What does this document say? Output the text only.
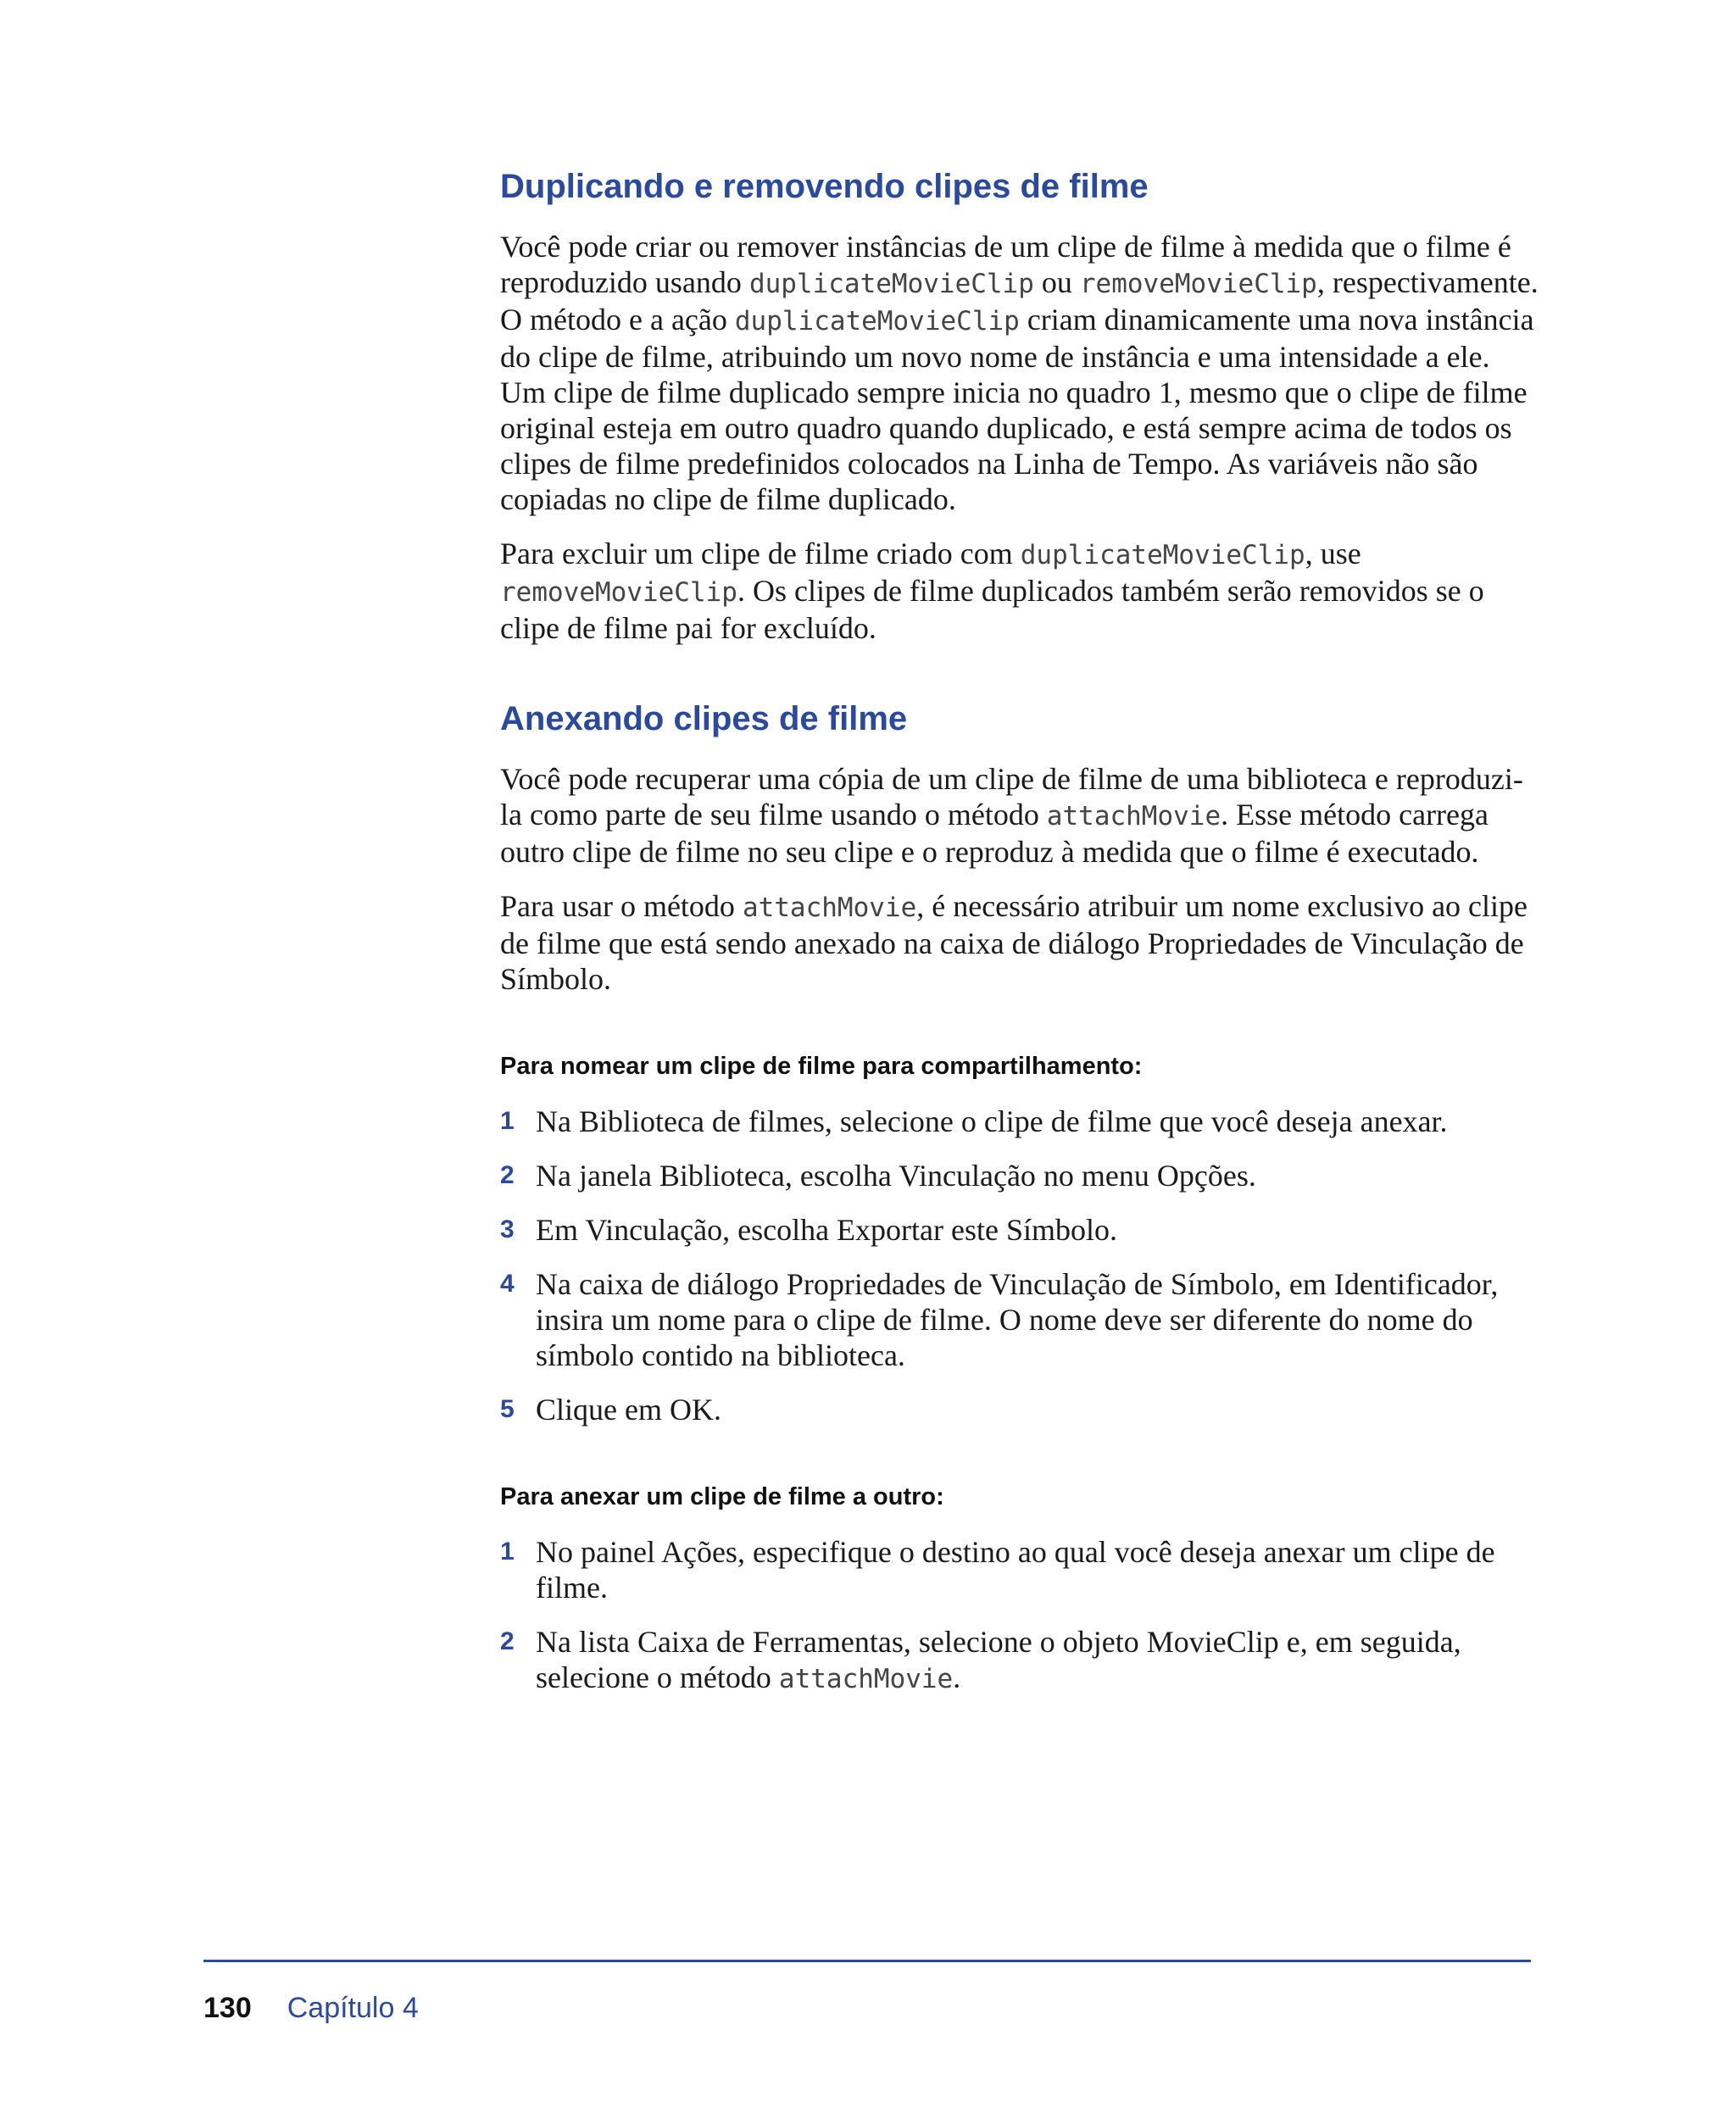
Duplicando e removendo clipes de filme

Você pode criar ou remover instâncias de um clipe de filme à medida que o filme é reproduzido usando duplicateMovieClip ou removeMovieClip, respectivamente. O método e a ação duplicateMovieClip criam dinamicamente uma nova instância do clipe de filme, atribuindo um novo nome de instância e uma intensidade a ele. Um clipe de filme duplicado sempre inicia no quadro 1, mesmo que o clipe de filme original esteja em outro quadro quando duplicado, e está sempre acima de todos os clipes de filme predefinidos colocados na Linha de Tempo. As variáveis não são copiadas no clipe de filme duplicado.

Para excluir um clipe de filme criado com duplicateMovieClip, use removeMovieClip. Os clipes de filme duplicados também serão removidos se o clipe de filme pai for excluído.

Anexando clipes de filme

Você pode recuperar uma cópia de um clipe de filme de uma biblioteca e reproduzi-la como parte de seu filme usando o método attachMovie. Esse método carrega outro clipe de filme no seu clipe e o reproduz à medida que o filme é executado.

Para usar o método attachMovie, é necessário atribuir um nome exclusivo ao clipe de filme que está sendo anexado na caixa de diálogo Propriedades de Vinculação de Símbolo.

Para nomear um clipe de filme para compartilhamento:
1 Na Biblioteca de filmes, selecione o clipe de filme que você deseja anexar.
2 Na janela Biblioteca, escolha Vinculação no menu Opções.
3 Em Vinculação, escolha Exportar este Símbolo.
4 Na caixa de diálogo Propriedades de Vinculação de Símbolo, em Identificador, insira um nome para o clipe de filme. O nome deve ser diferente do nome do símbolo contido na biblioteca.
5 Clique em OK.
Para anexar um clipe de filme a outro:
1 No painel Ações, especifique o destino ao qual você deseja anexar um clipe de filme.
2 Na lista Caixa de Ferramentas, selecione o objeto MovieClip e, em seguida, selecione o método attachMovie.
130 Capítulo 4
